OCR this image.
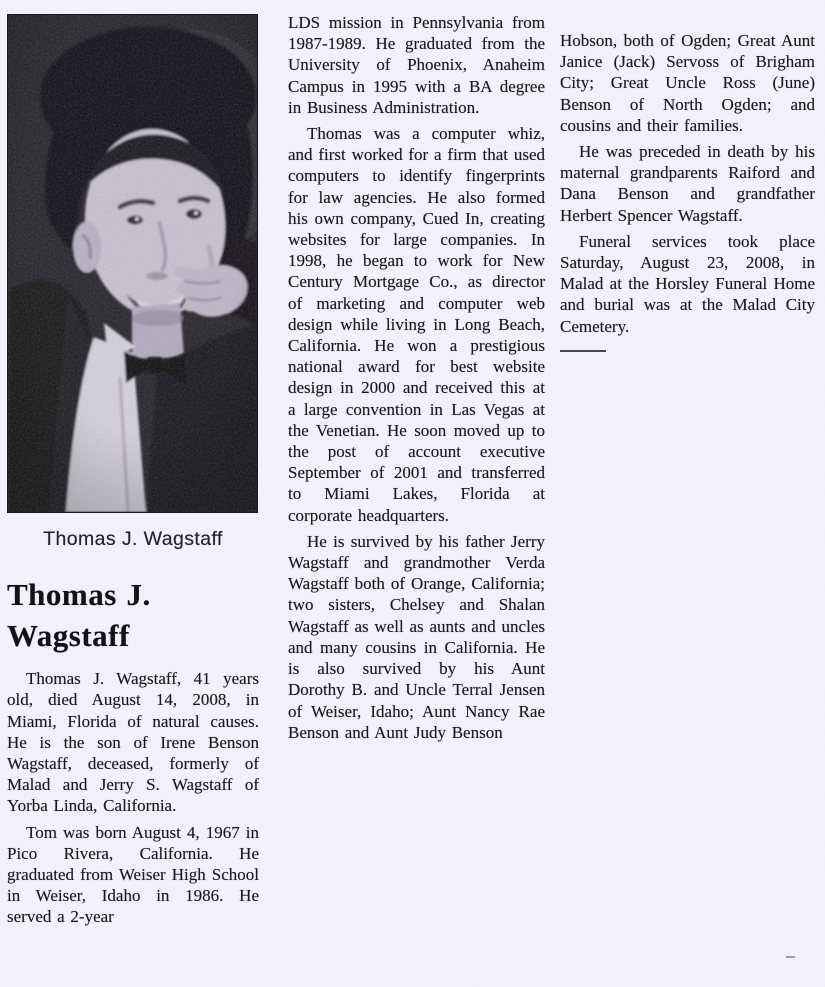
Thomas J. Wagstaff

Thomas J.
Wagstaff

Thomas J. Wagstaff, 41 years old, died August 14, 2008, in Miami, Florida of natural causes. He is the son of Irene Benson Wagstaff, deceased, formerly of Malad and Jerry S. Wagstaff of Yorba Linda, California.

Tom was born August 4, 1967 in Pico Rivera, California. He graduated from Weiser High School in Weiser, Idaho in 1986. He served a 2-year

LDS mission in Pennsylvania from 1987-1989. He graduated from the University of Phoenix, Anaheim Campus in 1995 with a BA degree in Business Administration.

Thomas was a computer whiz, and first worked for a firm that used computers to identify fingerprints for law agencies. He also formed his own company, Cued In, creating websites for large companies. In 1998, he began to work for New Century Mortgage Co., as director of marketing and computer web design while living in Long Beach, California. He won a prestigious national award for best website design in 2000 and received this at a large convention in Las Vegas at the Venetian. He soon moved up to the post of account executive September of 2001 and transferred to Miami Lakes, Florida at corporate headquarters.

He is survived by his father Jerry Wagstaff and grandmother Verda Wagstaff both of Orange, California; two sisters, Chelsey and Shalan Wagstaff as well as aunts and uncles and many cousins in California. He is also survived by his Aunt Dorothy B. and Uncle Terral Jensen of Weiser, Idaho; Aunt Nancy Rae Benson and Aunt Judy Benson

Hobson, both of Ogden; Great Aunt Janice (Jack) Servoss of Brigham City; Great Uncle Ross (June) Benson of North Ogden; and cousins and their families.

He was preceded in death by his maternal grandparents Raiford and Dana Benson and grandfather Herbert Spencer Wagstaff.

Funeral services took place Saturday, August 23, 2008, in Malad at the Horsley Funeral Home and burial was at the Malad City Cemetery.
